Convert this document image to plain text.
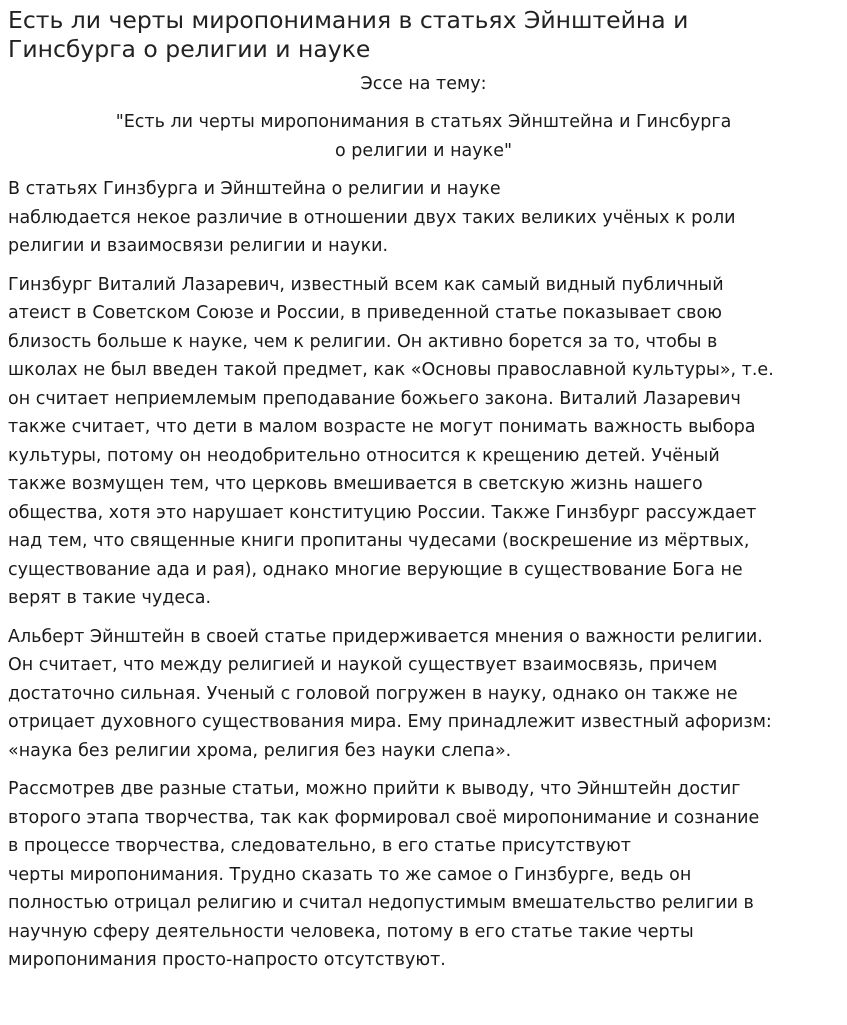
Есть ли черты миропонимания в статьях Эйнштейна и
Гинсбурга о религии и науке

Эссе на тему:

"Есть ли черты миропонимания в статьях Эйнштейна и Гинсбурга
о религии и науке"

В статьях Гинзбурга и Эйнштейна о религии и науке
наблюдается некое различие в отношении двух таких великих учёных к роли
религии и взаимосвязи религии и науки.

Гинзбург Виталий Лазаревич, известный всем как самый видный публичный
атеист в Советском Союзе и России, в приведенной статье показывает свою
близость больше к науке, чем к религии. Он активно борется за то, чтобы в
школах не был введен такой предмет, как «Основы православной культуры», т.е.
он считает неприемлемым преподавание божьего закона. Виталий Лазаревич
также считает, что дети в малом возрасте не могут понимать важность выбора
культуры, потому он неодобрительно относится к крещению детей. Учёный
также возмущен тем, что церковь вмешивается в светскую жизнь нашего
общества, хотя это нарушает конституцию России. Также Гинзбург рассуждает
над тем, что священные книги пропитаны чудесами (воскрешение из мёртвых,
существование ада и рая), однако многие верующие в существование Бога не
верят в такие чудеса.

Альберт Эйнштейн в своей статье придерживается мнения о важности религии.
Он считает, что между религией и наукой существует взаимосвязь, причем
достаточно сильная. Ученый с головой погружен в науку, однако он также не
отрицает духовного существования мира. Ему принадлежит известный афоризм:
«наука без религии хрома, религия без науки слепа».

Рассмотрев две разные статьи, можно прийти к выводу, что Эйнштейн достиг
второго этапа творчества, так как формировал своё миропонимание и сознание
в процессе творчества, следовательно, в его статье присутствуют
черты миропонимания. Трудно сказать то же самое о Гинзбурге, ведь он
полностью отрицал религию и считал недопустимым вмешательство религии в
научную сферу деятельности человека, потому в его статье такие черты
миропонимания просто-напросто отсутствуют.
